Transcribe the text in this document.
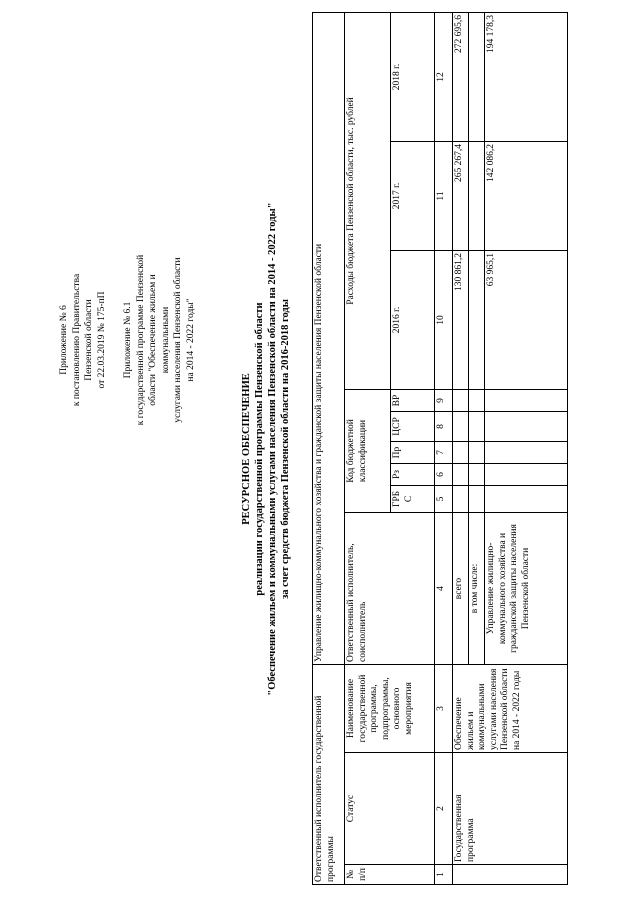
Приложение № 6 к постановлению Правительства Пензенской области от 22.03.2019 № 175-пП Приложение № 6.1 к государственной программе Пензенской области "Обеспечение жильем и коммунальными услугами населения Пензенской области на 2014 - 2022 годы"
РЕСУРСНОЕ ОБЕСПЕЧЕНИЕ реализации государственной программы Пензенской области "Обеспечение жильем и коммунальными услугами населения Пензенской области на 2014 - 2022 годы" за счет средств бюджета Пензенской области на 2016-2018 годы
Ответственный исполнитель государственной программы			Управление жилищно-коммунального хозяйства и гражданской защиты населения Пензенской области								
№ п/п	Статус	Наименование государственной программы, подпрограммы, основного мероприятия	Ответственный исполнитель, соисполнитель	Код бюджетной классификации					Расходы бюджета Пензенской области, тыс. рублей		
				ГРБ С	Рз	Пр	ЦСР	ВР	2016 г.	2017 г.	2018 г.
1	2	3	4	5	6	7	8	9	10	11	12
	Государственная программа	Обеспечение жильем и коммунальными услугами населения Пензенской области на 2014 - 2022 годы	всего						130 861,2	265 267,4	272 695,6
			в том числе:								
			Управление жилищно-коммунального хозяйства и гражданской защиты населения Пензенской области						63 965,1	142 086,2	194 178,3
